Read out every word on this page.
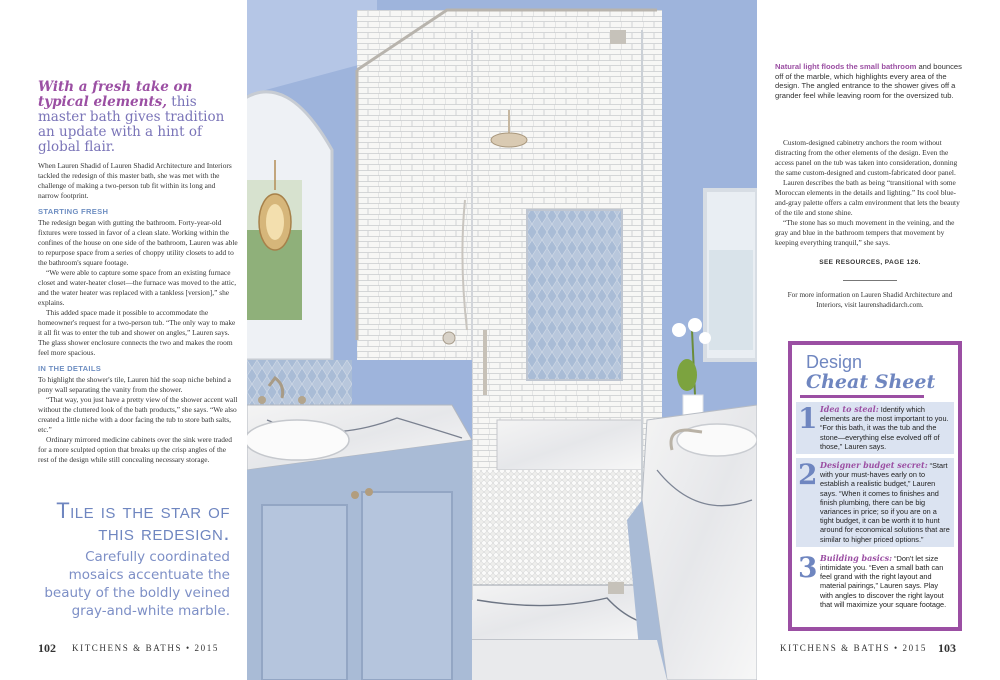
With a fresh take on typical elements, this master bath gives tradition an update with a hint of global flair.

When Lauren Shadid of Lauren Shadid Architecture and Interiors tackled the redesign of this master bath, she was met with the challenge of making a two-person tub fit within its long and narrow footprint.

STARTING FRESH

The redesign began with gutting the bathroom. Forty-year-old fixtures were tossed in favor of a clean slate. Working within the confines of the house on one side of the bathroom, Lauren was able to repurpose space from a series of choppy utility closets to add to the bathroom's square footage.

“We were able to capture some space from an existing furnace closet and water-heater closet—the furnace was moved to the attic, and the water heater was replaced with a tankless [version],” she explains.

This added space made it possible to accommodate the homeowner's request for a two-person tub. “The only way to make it all fit was to enter the tub and shower on angles,” Lauren says. The glass shower enclosure connects the two and makes the room feel more spacious.

IN THE DETAILS

To highlight the shower's tile, Lauren hid the soap niche behind a pony wall separating the vanity from the shower.

“That way, you just have a pretty view of the shower accent wall without the cluttered look of the bath products,” she says. “We also created a little niche with a door facing the tub to store bath salts, etc.”

Ordinary mirrored medicine cabinets over the sink were traded for a more sculpted option that breaks up the crisp angles of the rest of the design while still concealing necessary storage.

Tile is the star of
this redesign.
Carefully coordinated mosaics accentuate the beauty of the boldly veined gray-and-white marble.
102 KITCHENS & BATHS • 2015
Natural light floods the small bathroom and bounces off of the marble, which highlights every area of the design. The angled entrance to the shower gives off a grander feel while leaving room for the oversized tub.

Custom-designed cabinetry anchors the room without distracting from the other elements of the design. Even the access panel on the tub was taken into consideration, donning the same custom-designed and custom-fabricated door panel.

Lauren describes the bath as being “transitional with some Moroccan elements in the details and lighting.” Its cool blue-and-gray palette offers a calm environment that lets the beauty of the tile and stone shine.

“The stone has so much movement in the veining, and the gray and blue in the bathroom tempers that movement by keeping everything tranquil,” she says.

SEE RESOURCES, PAGE 126.
For more information on Lauren Shadid Architecture and Interiors, visit laurenshadidarch.com.
Design
Cheat Sheet
1 Idea to steal: Identify which elements are the most important to you. “For this bath, it was the tub and the stone—everything else evolved off of those,” Lauren says.
2 Designer budget secret: “Start with your must-haves early on to establish a realistic budget,” Lauren says. “When it comes to finishes and finish plumbing, there can be big variances in price; so if you are on a tight budget, it can be worth it to hunt around for economical solutions that are similar to higher priced options.”
3 Building basics: “Don't let size intimidate you. “Even a small bath can feel grand with the right layout and material pairings,” Lauren says. Play with angles to discover the right layout that will maximize your square footage.
KITCHENS & BATHS • 2015 103
